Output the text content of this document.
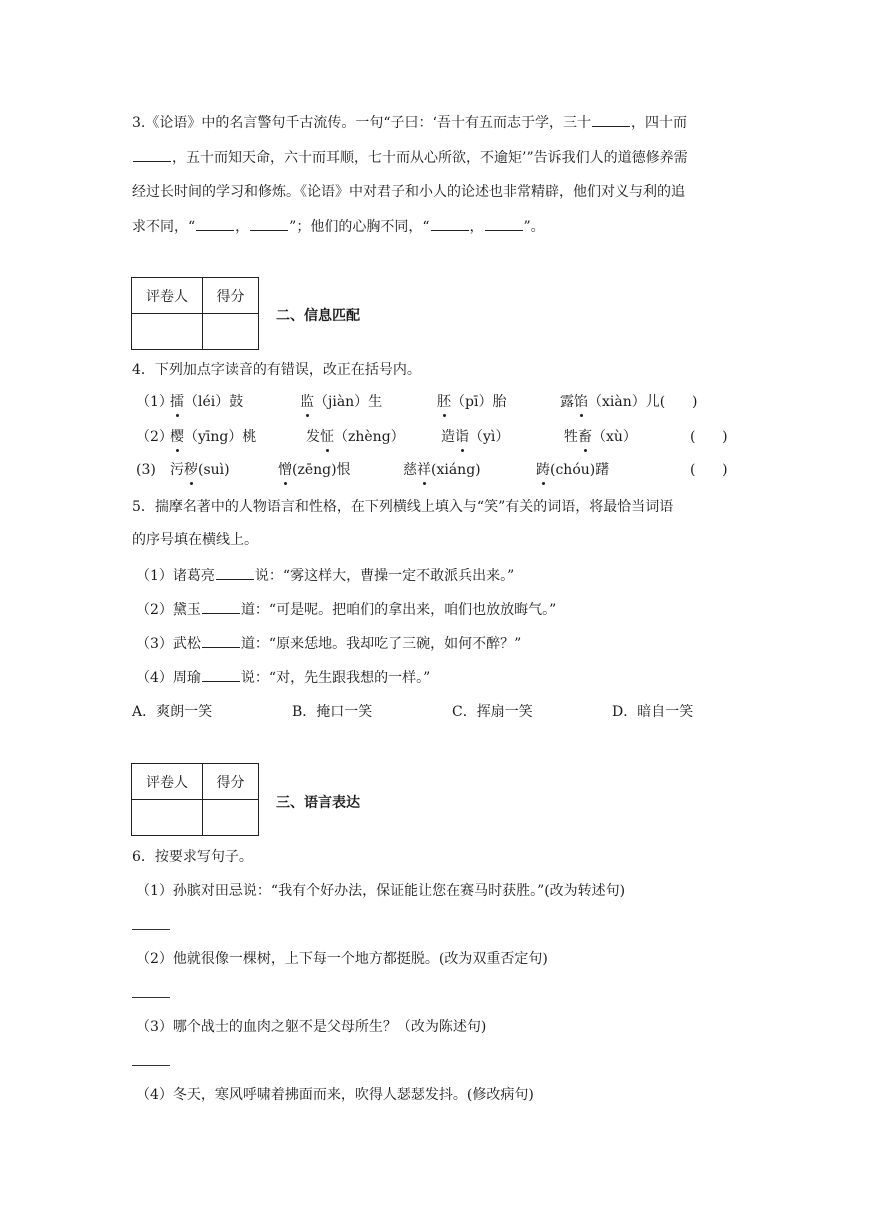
3.《论语》中的名言警句千古流传。一句“子曰：‘吾十有五而志于学，三十	，四十而
，五十而知天命，六十而耳顺，七十而从心所欲，不逾矩’”告诉我们人的道德修养需
经过长时间的学习和修炼。《论语》中对君子和小人的论述也非常精辟，他们对义与利的追
求不同，“	，	”；他们的心胸不同，“	，	”。
评卷人	得分

二、信息匹配
4．下列加点字读音的有错误，改正在括号内。
（1）
擂（léi）鼓	监（jiàn）生	胚（pī）胎	露馅（xiàn）儿( )
（2）
樱（yīng）桃	发怔（zhèng）	造诣（yì）	牲畜（xù）	(      )
(3) 污秽(suì)	憎(zēng)恨	慈祥(xiáng)	踌(chóu)躇	(      )
5．揣摩名著中的人物语言和性格，在下列横线上填入与“笑”有关的词语，将最恰当词语
的序号填在横线上。
（1）诸葛亮	说：“雾这样大，曹操一定不敢派兵出来。”
（2）黛玉	道：“可是呢。把咱们的拿出来，咱们也放放晦气。”
（3）武松	道：“原来恁地。我却吃了三碗，如何不醉？”
（4）周瑜	说：“对，先生跟我想的一样。”
A．爽朗一笑	B．掩口一笑	C．挥扇一笑	D．暗自一笑
评卷人	得分

三、语言表达
6．按要求写句子。
（1）孙膑对田忌说：“我有个好办法，保证能让您在赛马时获胜。”(改为转述句)
（2）他就很像一棵树，上下每一个地方都挺脱。(改为双重否定句)
（3）哪个战士的血肉之躯不是父母所生？（改为陈述句)
（4）冬天，寒风呼啸着拂面而来，吹得人瑟瑟发抖。(修改病句)
